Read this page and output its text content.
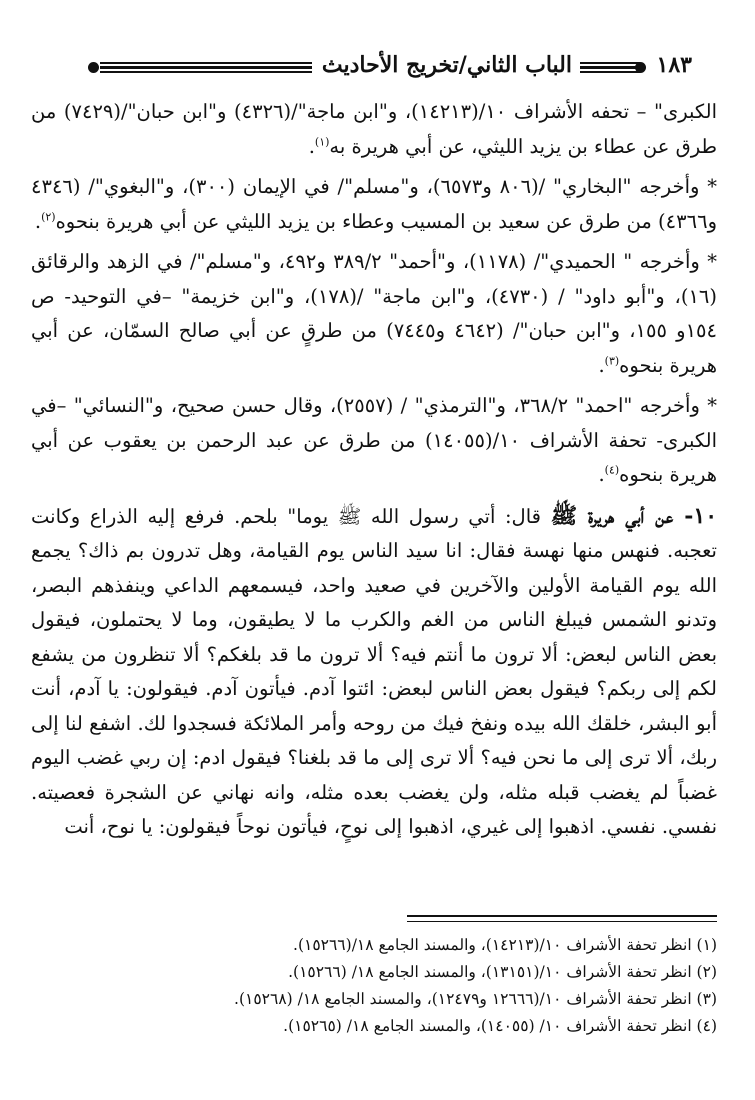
١٨٣
الباب الثاني/تخريج الأحاديث

الكبرى" – تحفه الأشراف ١٠/(١٤٢١٣)، و"ابن ماجة"/(٤٣٢٦) و"ابن حبان"/(٧٤٢٩) من طرق عن عطاء بن يزيد الليثي، عن أبي هريرة به$^{(١)}$.

* وأخرجه "البخاري" /(٨٠٦ و٦٥٧٣)، و"مسلم"/ في الإيمان (٣٠٠)، و"البغوي"/ (٤٣٤٦ و٤٣٦٦) من طرق عن سعيد بن المسيب وعطاء بن يزيد الليثي عن أبي هريرة بنحوه$^{(٢)}$.

* وأخرجه " الحميدي"/ (١١٧٨)، و"أحمد" ٣٨٩/٢ و٤٩٢، و"مسلم"/ في الزهد والرقائق (١٦)، و"أبو داود" / (٤٧٣٠)، و"ابن ماجة" /(١٧٨)، و"ابن خزيمة" –في التوحيد- ص ١٥٤و ١٥٥، و"ابن حبان"/ (٤٦٤٢ و٧٤٤٥) من طرقٍ عن أبي صالح السمّان، عن أبي هريرة بنحوه$^{(٣)}$.

* وأخرجه "احمد" ٣٦٨/٢، و"الترمذي" / (٢٥٥٧)، وقال حسن صحيح، و"النسائي" –في الكبرى- تحفة الأشراف ١٠/(١٤٠٥٥) من طرق عن عبد الرحمن بن يعقوب عن أبي هريرة بنحوه$^{(٤)}$.

١٠- عن أبي هريرة ﷺ قال: أتي رسول الله ﷺ يوما" بلحم. فرفع إليه الذراع وكانت تعجبه. فنهس منها نهسة فقال: انا سيد الناس يوم القيامة، وهل تدرون بم ذاك؟ يجمع الله يوم القيامة الأولين والآخرين في صعيد واحد، فيسمعهم الداعي وينفذهم البصر، وتدنو الشمس فيبلغ الناس من الغم والكرب ما لا يطيقون، وما لا يحتملون، فيقول بعض الناس لبعض: ألا ترون ما أنتم فيه؟ ألا ترون ما قد بلغكم؟ ألا تنظرون من يشفع لكم إلى ربكم؟ فيقول بعض الناس لبعض: ائتوا آدم. فيأتون آدم. فيقولون: يا آدم، أنت أبو البشر، خلقك الله بيده ونفخ فيك من روحه وأمر الملائكة فسجدوا لك. اشفع لنا إلى ربك، ألا ترى إلى ما نحن فيه؟ ألا ترى إلى ما قد بلغنا؟ فيقول ادم: إن ربي غضب اليوم غضباً لم يغضب قبله مثله، ولن يغضب بعده مثله، وانه نهاني عن الشجرة فعصيته. نفسي. نفسي. اذهبوا إلى غيري، اذهبوا إلى نوحٍ، فيأتون نوحاً فيقولون: يا نوح، أنت

(١) انظر تحفة الأشراف ١٠/(١٤٢١٣)، والمسند الجامع ١٨/(١٥٢٦٦).

(٢) انظر تحفة الأشراف ١٠/(١٣١٥١)، والمسند الجامع ١٨/ (١٥٢٦٦).

(٣) انظر تحفة الأشراف ١٠/(١٢٦٦٦ و١٢٤٧٩)، والمسند الجامع ١٨/ (١٥٢٦٨).

(٤) انظر تحفة الأشراف ١٠/ (١٤٠٥٥)، والمسند الجامع ١٨/ (١٥٢٦٥).
